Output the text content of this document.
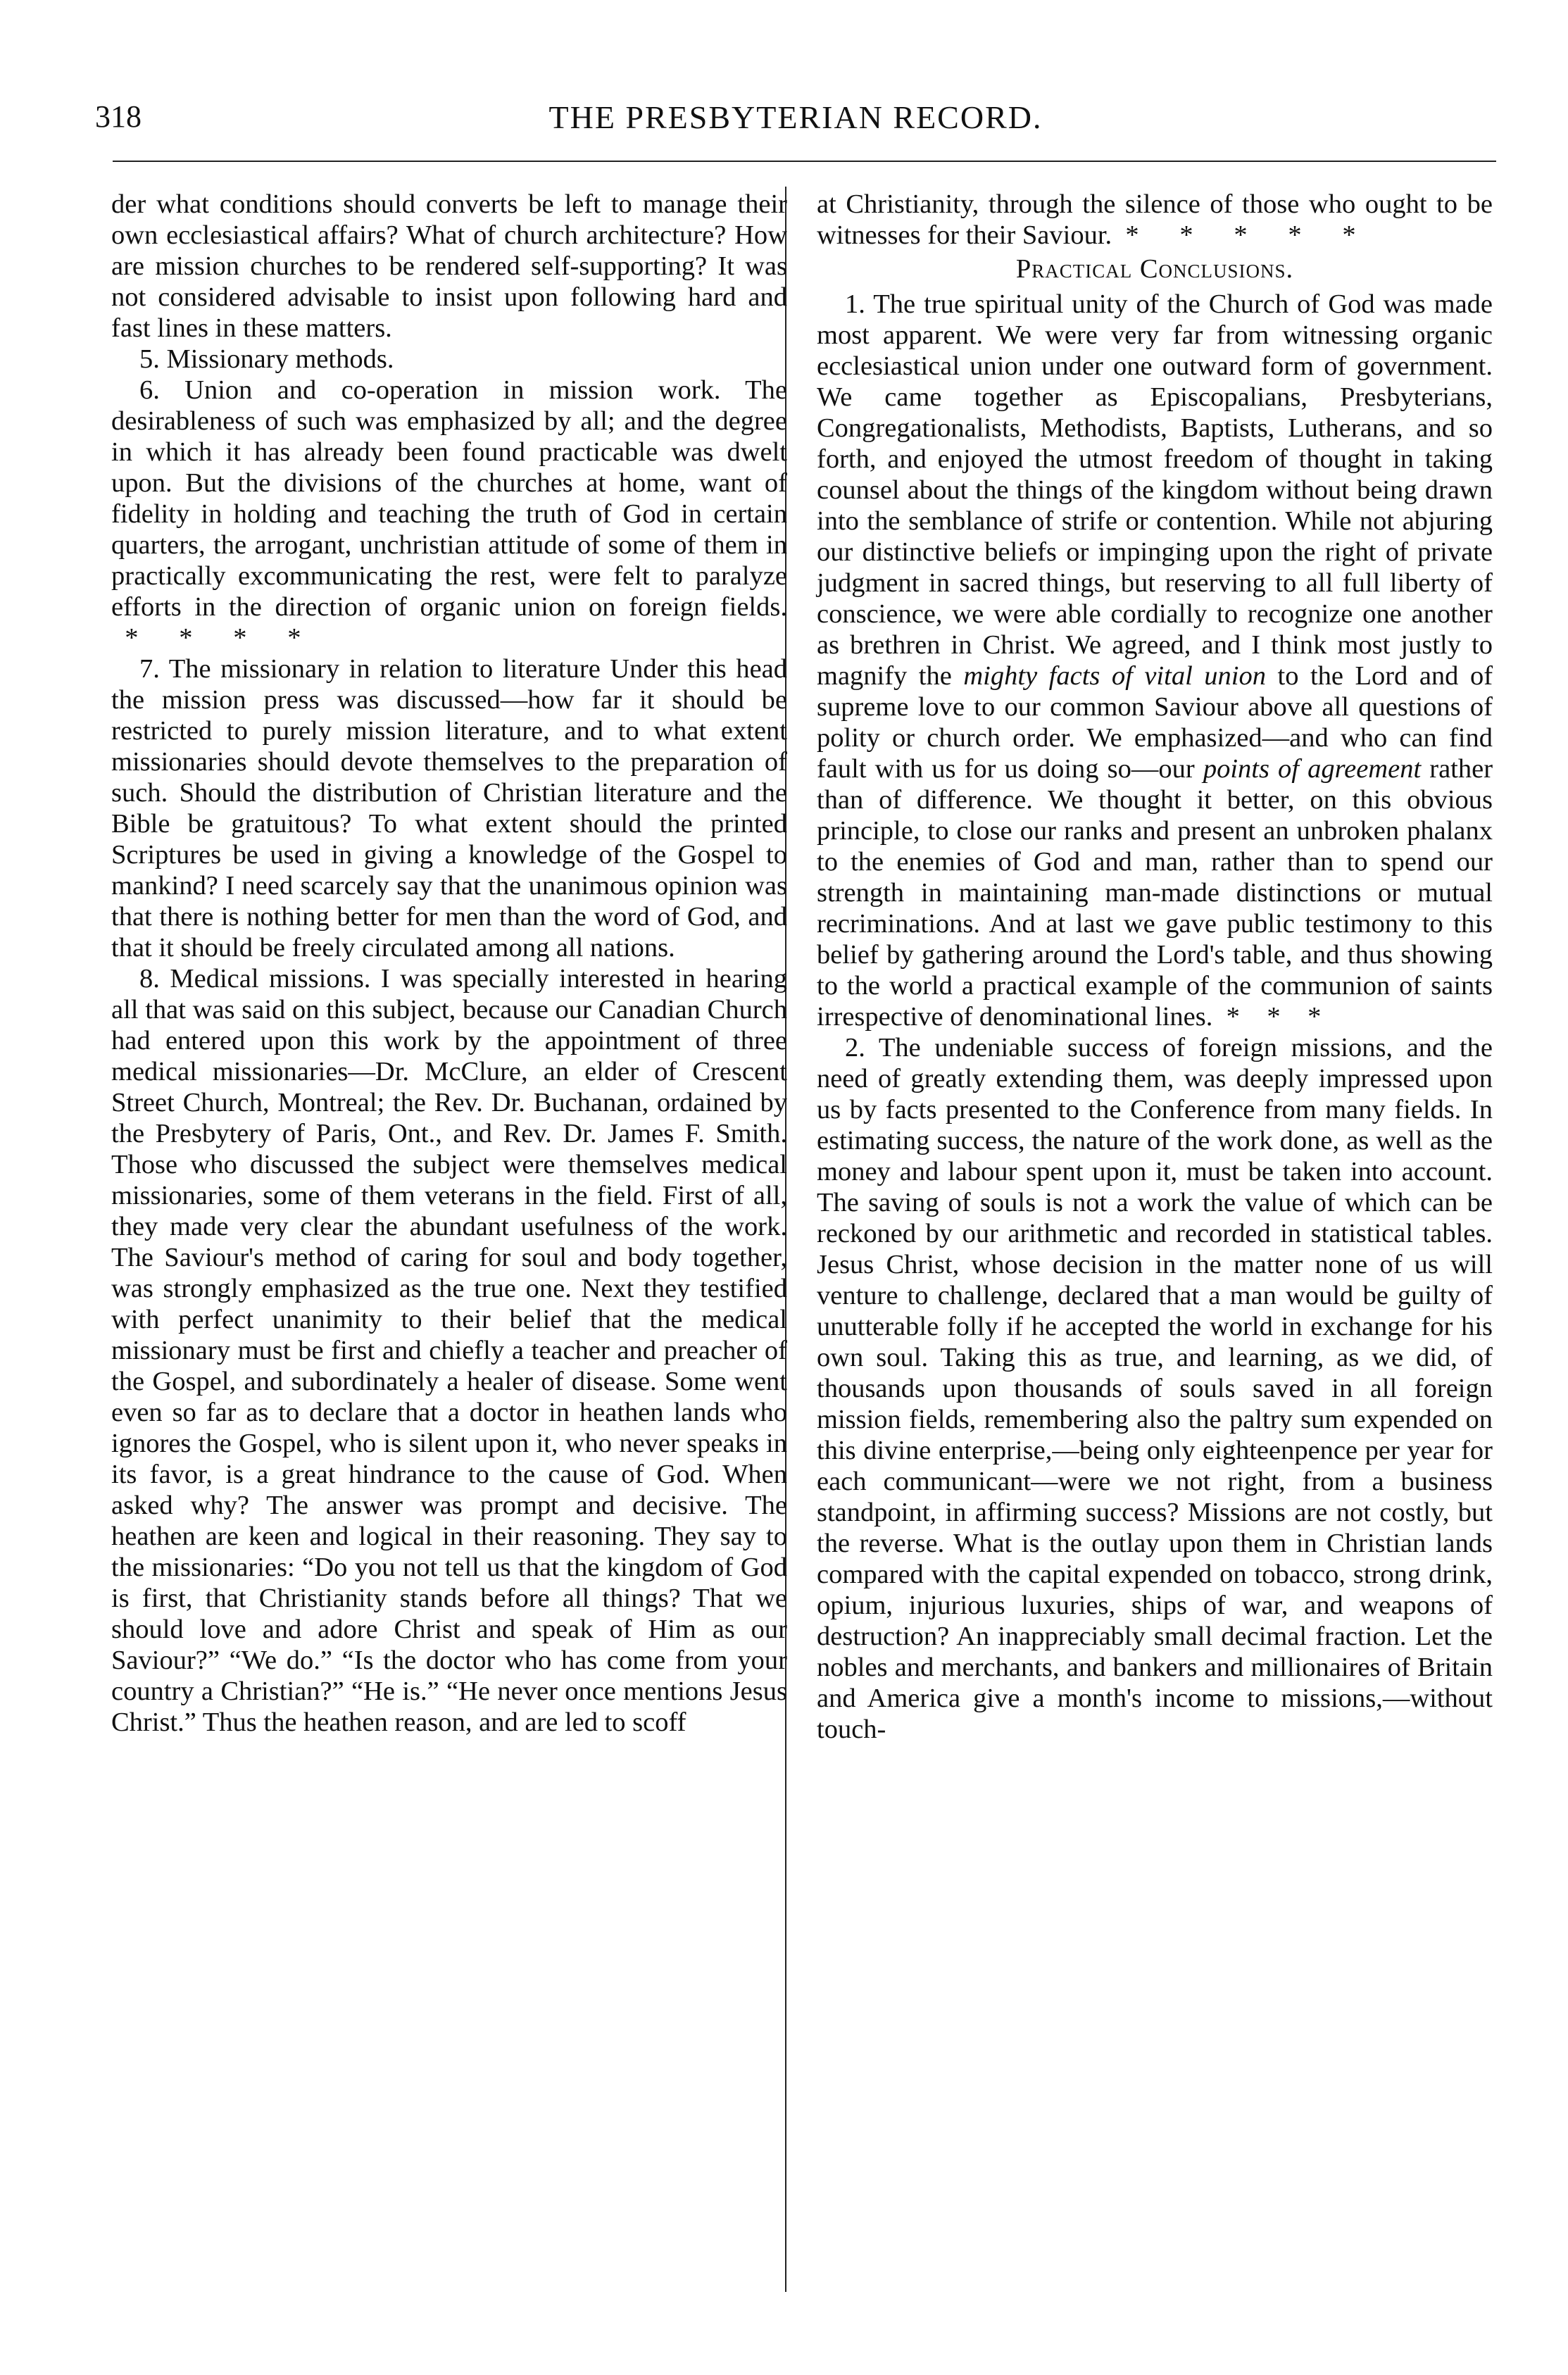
318	THE PRESBYTERIAN RECORD.

der what conditions should converts be left to manage their own ecclesiastical affairs? What of church architecture? How are mission churches to be rendered self-supporting? It was not considered advisable to insist upon following hard and fast lines in these matters.

5. Missionary methods.

6. Union and co-operation in mission work. The desirableness of such was emphasized by all; and the degree in which it has already been found practicable was dwelt upon. But the divisions of the churches at home, want of fidelity in holding and teaching the truth of God in certain quarters, the arrogant, unchristian attitude of some of them in practically excommunicating the rest, were felt to paralyze efforts in the direction of organic union on foreign fields.  *      *      *      *

7. The missionary in relation to literature Under this head the mission press was discussed—how far it should be restricted to purely mission literature, and to what extent missionaries should devote themselves to the preparation of such. Should the distribution of Christian literature and the Bible be gratuitous? To what extent should the printed Scriptures be used in giving a knowledge of the Gospel to mankind? I need scarcely say that the unanimous opinion was that there is nothing better for men than the word of God, and that it should be freely circulated among all nations.

8. Medical missions. I was specially interested in hearing all that was said on this subject, because our Canadian Church had entered upon this work by the appointment of three medical missionaries—Dr. McClure, an elder of Crescent Street Church, Montreal; the Rev. Dr. Buchanan, ordained by the Presbytery of Paris, Ont., and Rev. Dr. James F. Smith. Those who discussed the subject were themselves medical missionaries, some of them veterans in the field. First of all, they made very clear the abundant usefulness of the work. The Saviour's method of caring for soul and body together, was strongly emphasized as the true one. Next they testified with perfect unanimity to their belief that the medical missionary must be first and chiefly a teacher and preacher of the Gospel, and subordinately a healer of disease. Some went even so far as to declare that a doctor in heathen lands who ignores the Gospel, who is silent upon it, who never speaks in its favor, is a great hindrance to the cause of God. When asked why? The answer was prompt and decisive. The heathen are keen and logical in their reasoning. They say to the missionaries: “Do you not tell us that the kingdom of God is first, that Christianity stands before all things? That we should love and adore Christ and speak of Him as our Saviour?” “We do.” “Is the doctor who has come from your country a Christian?” “He is.” “He never once mentions Jesus Christ.” Thus the heathen reason, and are led to scoff

at Christianity, through the silence of those who ought to be witnesses for their Saviour.  *      *      *      *      *

Practical Conclusions.

1. The true spiritual unity of the Church of God was made most apparent. We were very far from witnessing organic ecclesiastical union under one outward form of government. We came together as Episcopalians, Presbyterians, Congregationalists, Methodists, Baptists, Lutherans, and so forth, and enjoyed the utmost freedom of thought in taking counsel about the things of the kingdom without being drawn into the semblance of strife or contention. While not abjuring our distinctive beliefs or impinging upon the right of private judgment in sacred things, but reserving to all full liberty of conscience, we were able cordially to recognize one another as brethren in Christ. We agreed, and I think most justly to magnify the mighty facts of vital union to the Lord and of supreme love to our common Saviour above all questions of polity or church order. We emphasized—and who can find fault with us for us doing so—our points of agreement rather than of difference. We thought it better, on this obvious principle, to close our ranks and present an unbroken phalanx to the enemies of God and man, rather than to spend our strength in maintaining man-made distinctions or mutual recriminations. And at last we gave public testimony to this belief by gathering around the Lord's table, and thus showing to the world a practical example of the communion of saints irrespective of denominational lines.  *    *    *

2. The undeniable success of foreign missions, and the need of greatly extending them, was deeply impressed upon us by facts presented to the Conference from many fields. In estimating success, the nature of the work done, as well as the money and labour spent upon it, must be taken into account. The saving of souls is not a work the value of which can be reckoned by our arithmetic and recorded in statistical tables. Jesus Christ, whose decision in the matter none of us will venture to challenge, declared that a man would be guilty of unutterable folly if he accepted the world in exchange for his own soul. Taking this as true, and learning, as we did, of thousands upon thousands of souls saved in all foreign mission fields, remembering also the paltry sum expended on this divine enterprise,—being only eighteenpence per year for each communicant—were we not right, from a business standpoint, in affirming success? Missions are not costly, but the reverse. What is the outlay upon them in Christian lands compared with the capital expended on tobacco, strong drink, opium, injurious luxuries, ships of war, and weapons of destruction? An inappreciably small decimal fraction. Let the nobles and merchants, and bankers and millionaires of Britain and America give a month's income to missions,—without touch-
